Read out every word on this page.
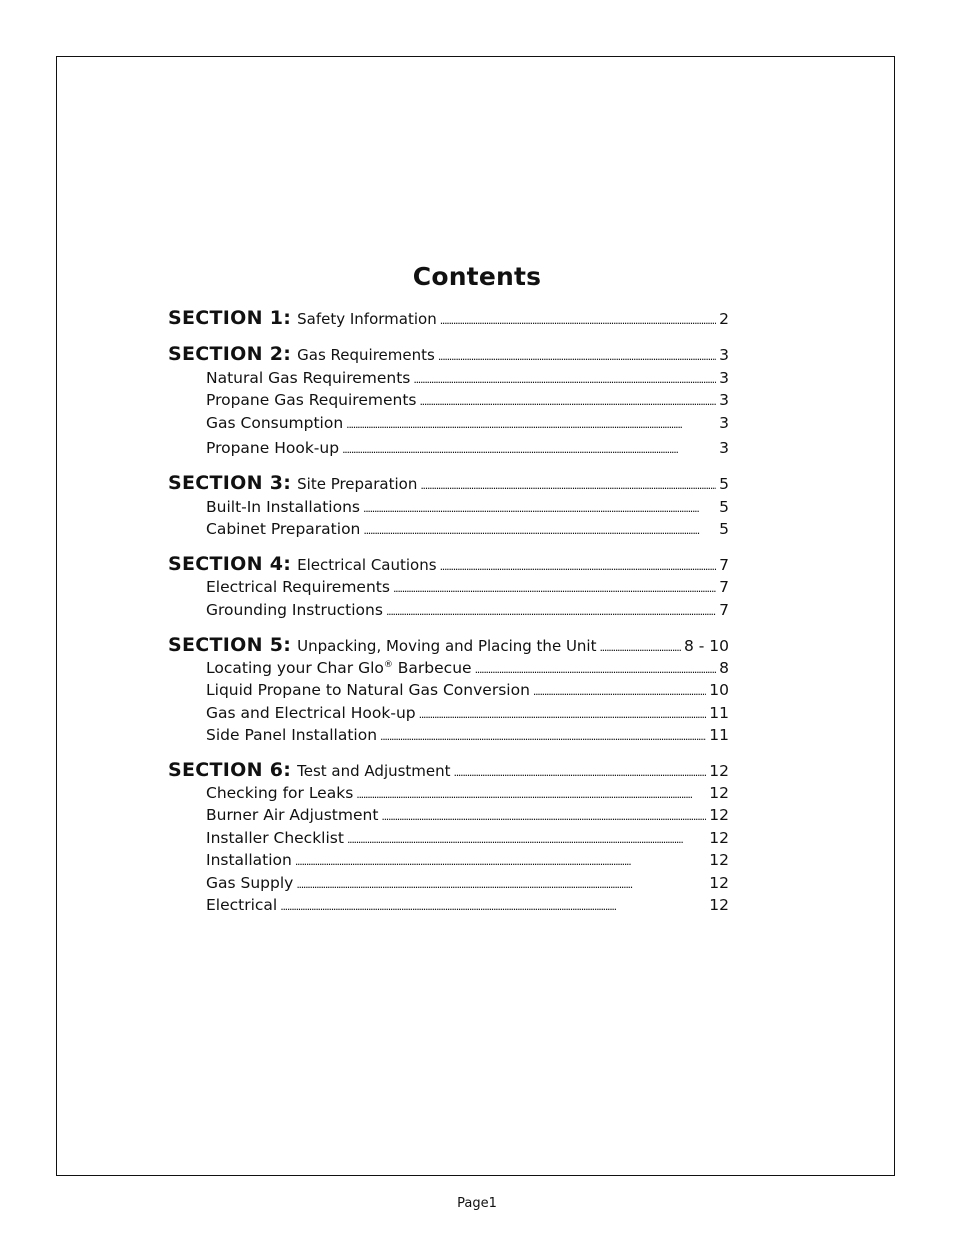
Contents
SECTION 1: Safety Information . . .	2
SECTION 2: Gas Requirements . . .	3
Natural Gas Requirements . . .	3
Propane Gas Requirements . . .	3
Gas Consumption . . .	3
Propane Hook-up . . .	3
SECTION 3: Site Preparation . . .	5
Built-In Installations . . .	5
Cabinet Preparation . . .	5
SECTION 4: Electrical Cautions . . .	7
Electrical Requirements . . .	7
Grounding Instructions . . .	7
SECTION 5: Unpacking, Moving and Placing the Unit . . .	8 - 10
Locating your Char Glo® Barbecue . . .	8
Liquid Propane to Natural Gas Conversion . . .	10
Gas and Electrical Hook-up . . .	11
Side Panel Installation . . .	11
SECTION 6: Test and Adjustment . . .	12
Checking for Leaks . . .	12
Burner Air Adjustment . . .	12
Installer Checklist . . .	12
Installation . . .	12
Gas Supply . . .	12
Electrical . . .	12
Page1
